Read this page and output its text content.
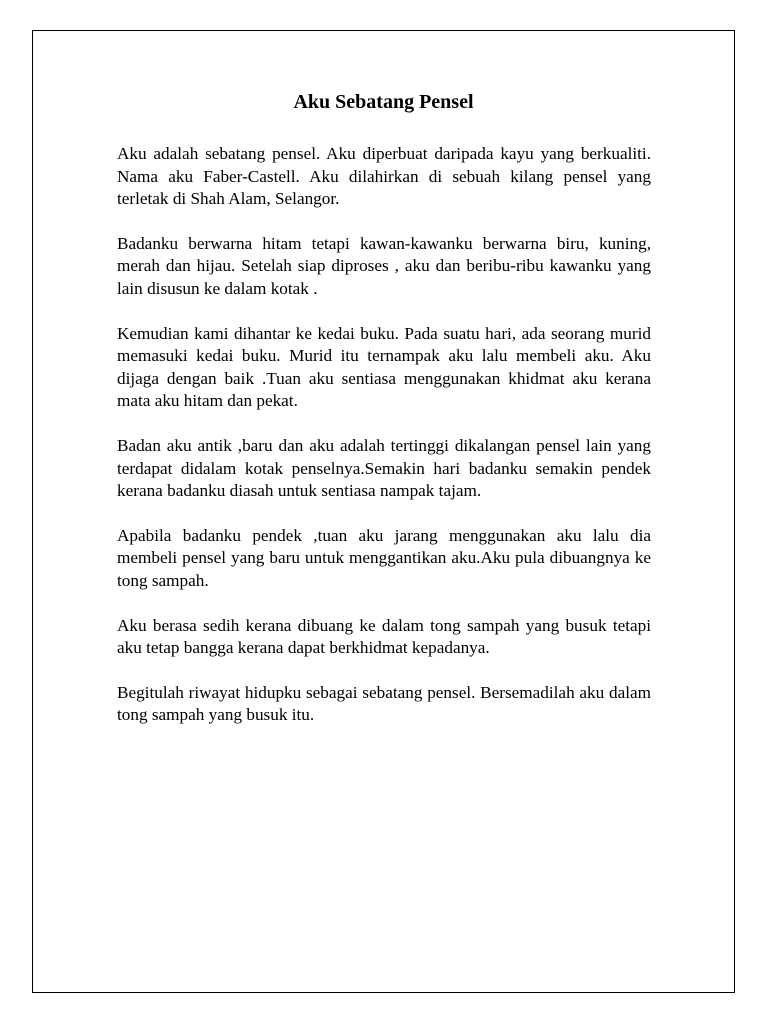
Aku Sebatang Pensel

Aku adalah sebatang pensel. Aku diperbuat daripada kayu yang berkualiti. Nama aku Faber-Castell. Aku dilahirkan di sebuah kilang pensel yang terletak di Shah Alam, Selangor.

Badanku berwarna hitam tetapi kawan-kawanku berwarna biru, kuning, merah dan hijau. Setelah siap diproses , aku dan beribu-ribu kawanku yang lain disusun ke dalam kotak .

Kemudian kami dihantar ke kedai buku. Pada suatu hari, ada seorang murid memasuki kedai buku. Murid itu ternampak aku lalu membeli aku. Aku dijaga dengan baik .Tuan aku sentiasa menggunakan khidmat aku kerana mata aku hitam dan pekat.

Badan aku antik ,baru dan aku adalah tertinggi dikalangan pensel lain yang terdapat didalam kotak penselnya.Semakin hari badanku semakin pendek kerana badanku diasah untuk sentiasa nampak tajam.

Apabila badanku pendek ,tuan aku jarang menggunakan aku lalu dia membeli pensel yang baru untuk menggantikan aku.Aku pula dibuangnya ke tong sampah.

Aku berasa sedih kerana dibuang ke dalam tong sampah yang busuk tetapi aku tetap bangga kerana dapat berkhidmat kepadanya.

Begitulah riwayat hidupku sebagai sebatang pensel. Bersemadilah aku dalam tong sampah yang busuk itu.
